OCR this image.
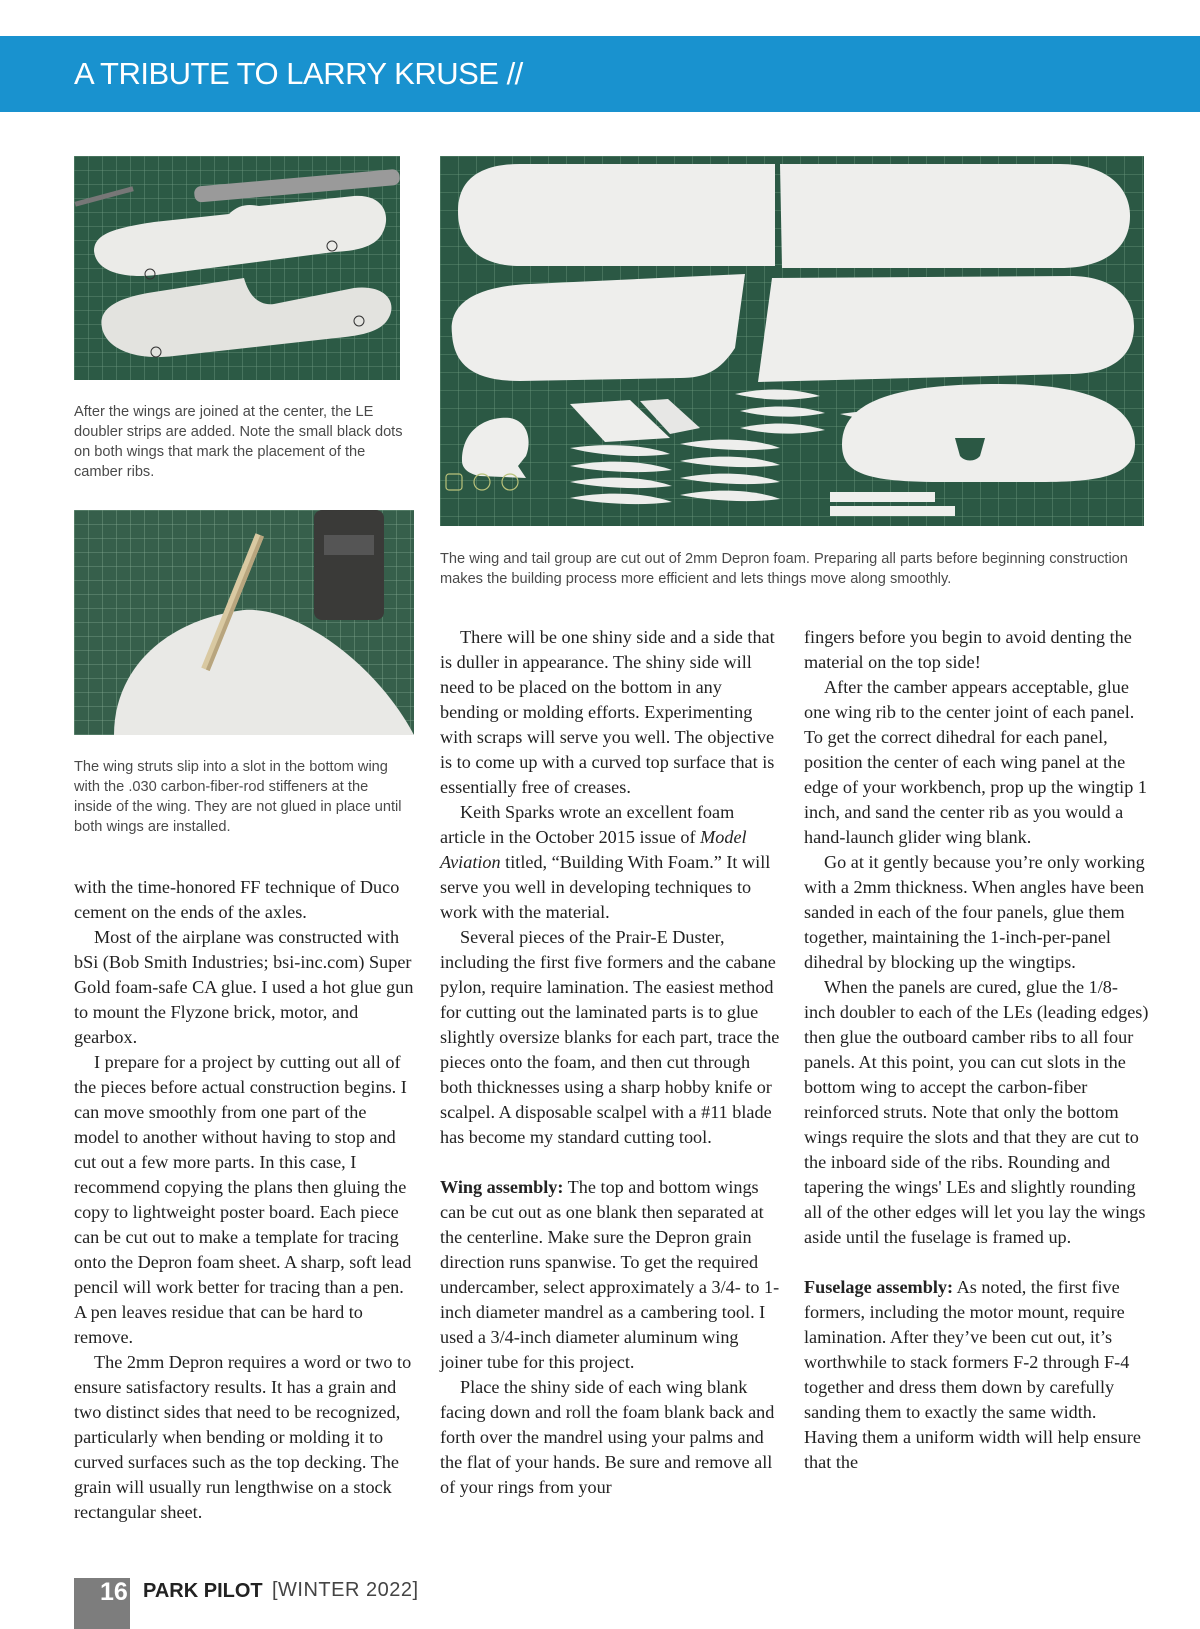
A TRIBUTE TO LARRY KRUSE //
After the wings are joined at the center, the LE doubler strips are added. Note the small black dots on both wings that mark the placement of the camber ribs.
The wing and tail group are cut out of 2mm Depron foam. Preparing all parts before beginning construction makes the building process more efficient and lets things move along smoothly.
The wing struts slip into a slot in the bottom wing with the .030 carbon-fiber-rod stiffeners at the inside of the wing. They are not glued in place until both wings are installed.

with the time-honored FF technique of Duco cement on the ends of the axles.

Most of the airplane was constructed with bSi (Bob Smith Industries; bsi-inc.com) Super Gold foam-safe CA glue. I used a hot glue gun to mount the Flyzone brick, motor, and gearbox.

I prepare for a project by cutting out all of the pieces before actual construction begins. I can move smoothly from one part of the model to another without having to stop and cut out a few more parts. In this case, I recommend copying the plans then gluing the copy to lightweight poster board. Each piece can be cut out to make a template for tracing onto the Depron foam sheet. A sharp, soft lead pencil will work better for tracing than a pen. A pen leaves residue that can be hard to remove.

The 2mm Depron requires a word or two to ensure satisfactory results. It has a grain and two distinct sides that need to be recognized, particularly when bending or molding it to curved surfaces such as the top decking. The grain will usually run lengthwise on a stock rectangular sheet.

There will be one shiny side and a side that is duller in appearance. The shiny side will need to be placed on the bottom in any bending or molding efforts. Experimenting with scraps will serve you well. The objective is to come up with a curved top surface that is essentially free of creases.

Keith Sparks wrote an excellent foam article in the October 2015 issue of Model Aviation titled, “Building With Foam.” It will serve you well in developing techniques to work with the material.

Several pieces of the Prair-E Duster, including the first five formers and the cabane pylon, require lamination. The easiest method for cutting out the laminated parts is to glue slightly oversize blanks for each part, trace the pieces onto the foam, and then cut through both thicknesses using a sharp hobby knife or scalpel. A disposable scalpel with a #11 blade has become my standard cutting tool.

Wing assembly: The top and bottom wings can be cut out as one blank then separated at the centerline. Make sure the Depron grain direction runs spanwise. To get the required undercamber, select approximately a 3/4- to 1-inch diameter mandrel as a cambering tool. I used a 3/4-inch diameter aluminum wing joiner tube for this project.

Place the shiny side of each wing blank facing down and roll the foam blank back and forth over the mandrel using your palms and the flat of your hands. Be sure and remove all of your rings from your

fingers before you begin to avoid denting the material on the top side!

After the camber appears acceptable, glue one wing rib to the center joint of each panel. To get the correct dihedral for each panel, position the center of each wing panel at the edge of your workbench, prop up the wingtip 1 inch, and sand the center rib as you would a hand-launch glider wing blank.

Go at it gently because you’re only working with a 2mm thickness. When angles have been sanded in each of the four panels, glue them together, maintaining the 1-inch-per-panel dihedral by blocking up the wingtips.

When the panels are cured, glue the 1/8-inch doubler to each of the LEs (leading edges) then glue the outboard camber ribs to all four panels. At this point, you can cut slots in the bottom wing to accept the carbon-fiber reinforced struts. Note that only the bottom wings require the slots and that they are cut to the inboard side of the ribs. Rounding and tapering the wings' LEs and slightly rounding all of the other edges will let you lay the wings aside until the fuselage is framed up.

Fuselage assembly: As noted, the first five formers, including the motor mount, require lamination. After they’ve been cut out, it’s worthwhile to stack formers F-2 through F-4 together and dress them down by carefully sanding them to exactly the same width. Having them a uniform width will help ensure that the

16 PARK PILOT [WINTER 2022]
